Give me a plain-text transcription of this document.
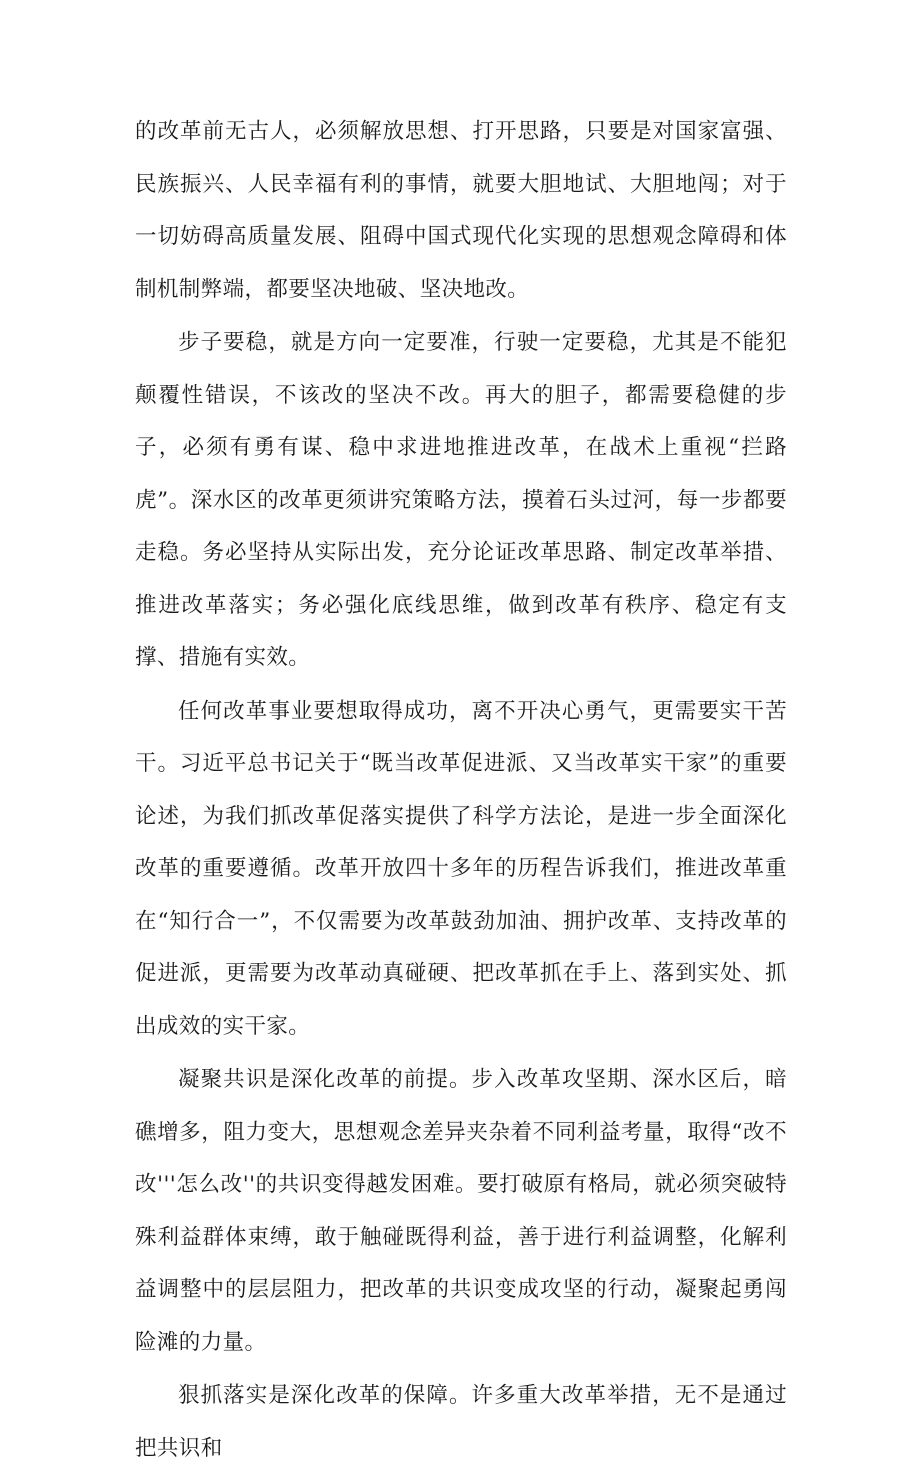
的改革前无古人，必须解放思想、打开思路，只要是对国家富强、民族振兴、人民幸福有利的事情，就要大胆地试、大胆地闯；对于一切妨碍高质量发展、阻碍中国式现代化实现的思想观念障碍和体制机制弊端，都要坚决地破、坚决地改。

步子要稳，就是方向一定要准，行驶一定要稳，尤其是不能犯颠覆性错误，不该改的坚决不改。再大的胆子，都需要稳健的步子，必须有勇有谋、稳中求进地推进改革，在战术上重视“拦路虎”。深水区的改革更须讲究策略方法，摸着石头过河，每一步都要走稳。务必坚持从实际出发，充分论证改革思路、制定改革举措、推进改革落实；务必强化底线思维，做到改革有秩序、稳定有支撑、措施有实效。

任何改革事业要想取得成功，离不开决心勇气，更需要实干苦干。习近平总书记关于“既当改革促进派、又当改革实干家”的重要论述，为我们抓改革促落实提供了科学方法论，是进一步全面深化改革的重要遵循。改革开放四十多年的历程告诉我们，推进改革重在“知行合一”，不仅需要为改革鼓劲加油、拥护改革、支持改革的促进派，更需要为改革动真碰硬、把改革抓在手上、落到实处、抓出成效的实干家。

凝聚共识是深化改革的前提。步入改革攻坚期、深水区后，暗礁增多，阻力变大，思想观念差异夹杂着不同利益考量，取得“改不改'''怎么改''的共识变得越发困难。要打破原有格局，就必须突破特殊利益群体束缚，敢于触碰既得利益，善于进行利益调整，化解利益调整中的层层阻力，把改革的共识变成攻坚的行动，凝聚起勇闯险滩的力量。

狠抓落实是深化改革的保障。许多重大改革举措，无不是通过把共识和
